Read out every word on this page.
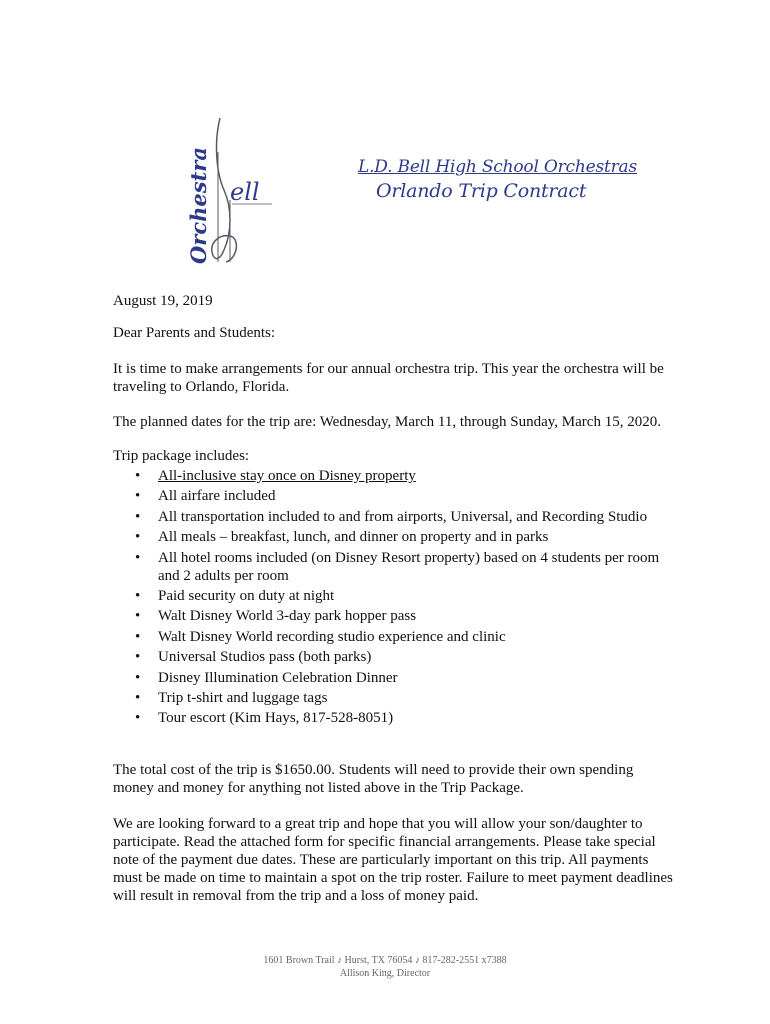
Orchestra ell
L.D. Bell High School Orchestras
Orlando Trip Contract

August 19, 2019

Dear Parents and Students:

It is time to make arrangements for our annual orchestra trip. This year the orchestra will be traveling to Orlando, Florida.

The planned dates for the trip are: Wednesday, March 11, through Sunday, March 15, 2020.

Trip package includes:

• All-inclusive stay once on Disney property
• All airfare included
• All transportation included to and from airports, Universal, and Recording Studio
• All meals – breakfast, lunch, and dinner on property and in parks
• All hotel rooms included (on Disney Resort property) based on 4 students per room and 2 adults per room
• Paid security on duty at night
• Walt Disney World 3-day park hopper pass
• Walt Disney World recording studio experience and clinic
• Universal Studios pass (both parks)
• Disney Illumination Celebration Dinner
• Trip t-shirt and luggage tags
• Tour escort (Kim Hays, 817-528-8051)

The total cost of the trip is $1650.00. Students will need to provide their own spending money and money for anything not listed above in the Trip Package.

We are looking forward to a great trip and hope that you will allow your son/daughter to participate. Read the attached form for specific financial arrangements. Please take special note of the payment due dates. These are particularly important on this trip. All payments must be made on time to maintain a spot on the trip roster. Failure to meet payment deadlines will result in removal from the trip and a loss of money paid.

1601 Brown Trail ♪ Hurst, TX 76054 ♪ 817-282-2551 x7388
Allison King, Director
